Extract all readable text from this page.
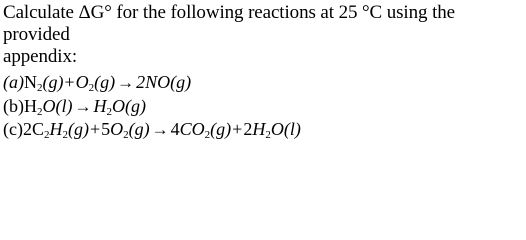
Calculate ΔG° for the following reactions at 25 °C using the provided
appendix:

$(a)N_2(g)+O_2(g) \to 2NO(g)$
$(b)H_2O(l) \to H_2O(g)$
$(c)2C_2H_2(g)+5O_2(g) \to 4CO_2(g)+2H_2O(l)$
